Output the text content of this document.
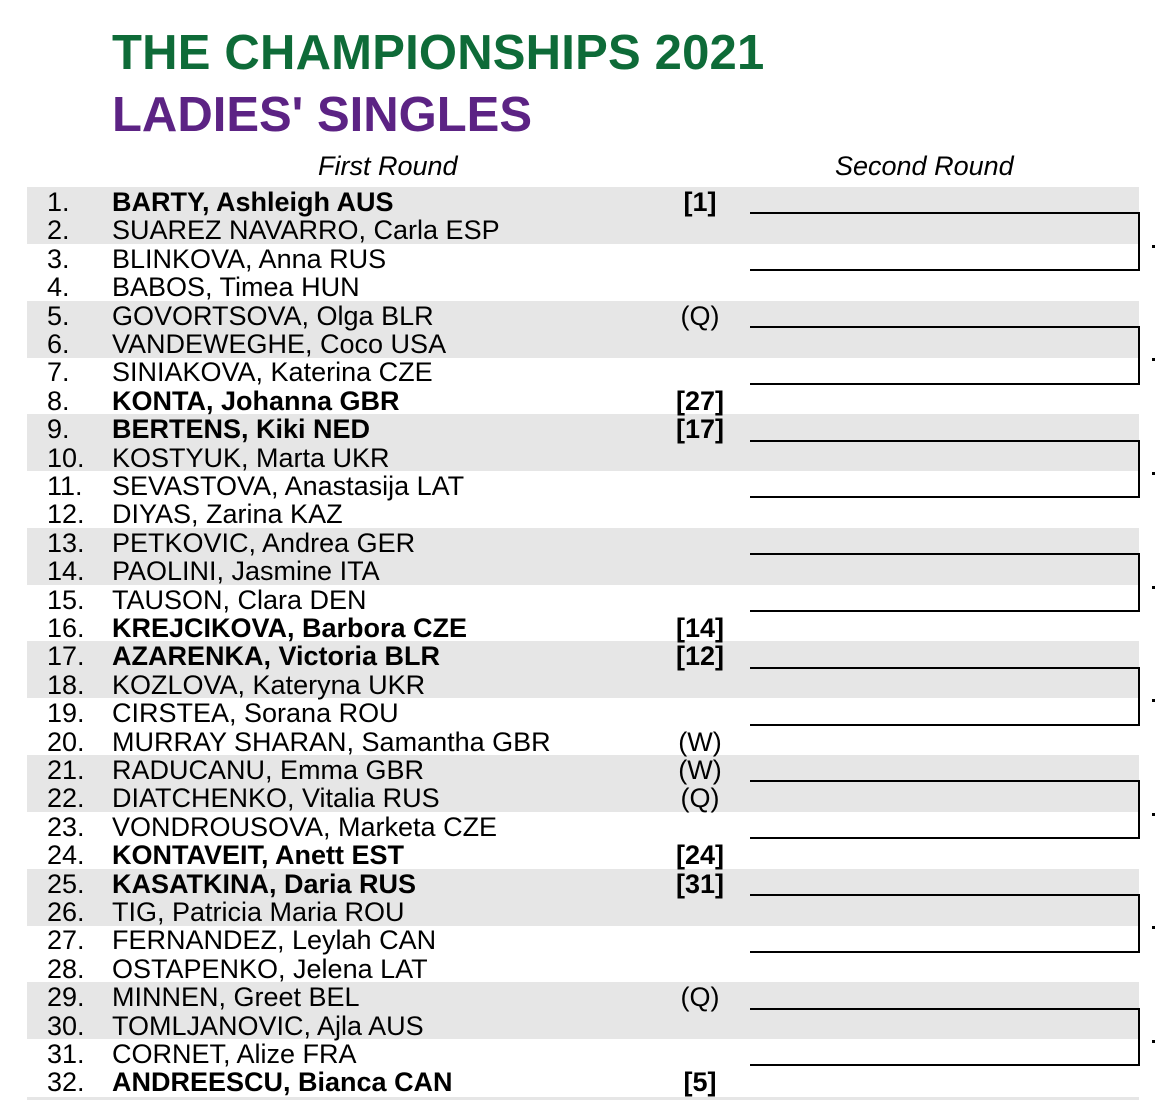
THE CHAMPIONSHIPS 2021
LADIES' SINGLES
First Round	Second Round
1. BARTY, Ashleigh AUS	[1]
2. SUAREZ NAVARRO, Carla ESP
3. BLINKOVA, Anna RUS
4. BABOS, Timea HUN
5. GOVORTSOVA, Olga BLR	(Q)
6. VANDEWEGHE, Coco USA
7. SINIAKOVA, Katerina CZE
8. KONTA, Johanna GBR	[27]
9. BERTENS, Kiki NED	[17]
10. KOSTYUK, Marta UKR
11. SEVASTOVA, Anastasija LAT
12. DIYAS, Zarina KAZ
13. PETKOVIC, Andrea GER
14. PAOLINI, Jasmine ITA
15. TAUSON, Clara DEN
16. KREJCIKOVA, Barbora CZE	[14]
17. AZARENKA, Victoria BLR	[12]
18. KOZLOVA, Kateryna UKR
19. CIRSTEA, Sorana ROU
20. MURRAY SHARAN, Samantha GBR	(W)
21. RADUCANU, Emma GBR	(W)
22. DIATCHENKO, Vitalia RUS	(Q)
23. VONDROUSOVA, Marketa CZE
24. KONTAVEIT, Anett EST	[24]
25. KASATKINA, Daria RUS	[31]
26. TIG, Patricia Maria ROU
27. FERNANDEZ, Leylah CAN
28. OSTAPENKO, Jelena LAT
29. MINNEN, Greet BEL	(Q)
30. TOMLJANOVIC, Ajla AUS
31. CORNET, Alize FRA
32. ANDREESCU, Bianca CAN	[5]
